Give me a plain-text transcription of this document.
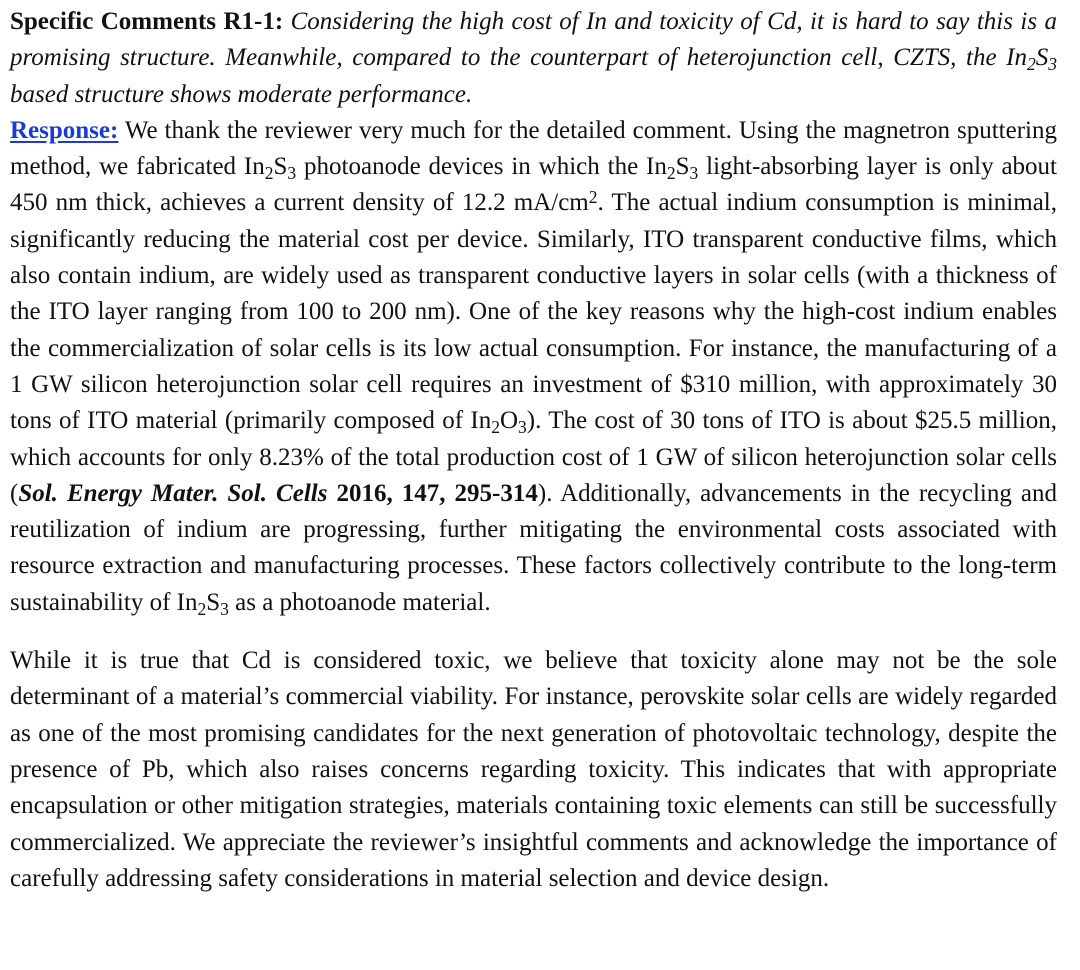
Specific Comments R1-1: Considering the high cost of In and toxicity of Cd, it is hard to say this is a promising structure. Meanwhile, compared to the counterpart of heterojunction cell, CZTS, the $In_2S_3$ based structure shows moderate performance.
Response: We thank the reviewer very much for the detailed comment. Using the magnetron sputtering method, we fabricated $In_2S_3$ photoanode devices in which the $In_2S_3$ light-absorbing layer is only about 450 nm thick, achieves a current density of 12.2 $mA/cm^2$. The actual indium consumption is minimal, significantly reducing the material cost per device. Similarly, ITO transparent conductive films, which also contain indium, are widely used as transparent conductive layers in solar cells (with a thickness of the ITO layer ranging from 100 to 200 nm). One of the key reasons why the high-cost indium enables the commercialization of solar cells is its low actual consumption. For instance, the manufacturing of a 1 GW silicon heterojunction solar cell requires an investment of $310 million, with approximately 30 tons of ITO material (primarily composed of $In_2O_3$). The cost of 30 tons of ITO is about $25.5 million, which accounts for only 8.23% of the total production cost of 1 GW of silicon heterojunction solar cells (Sol. Energy Mater. Sol. Cells 2016, 147, 295-314). Additionally, advancements in the recycling and reutilization of indium are progressing, further mitigating the environmental costs associated with resource extraction and manufacturing processes. These factors collectively contribute to the long-term sustainability of $In_2S_3$ as a photoanode material.

While it is true that Cd is considered toxic, we believe that toxicity alone may not be the sole determinant of a material’s commercial viability. For instance, perovskite solar cells are widely regarded as one of the most promising candidates for the next generation of photovoltaic technology, despite the presence of Pb, which also raises concerns regarding toxicity. This indicates that with appropriate encapsulation or other mitigation strategies, materials containing toxic elements can still be successfully commercialized. We appreciate the reviewer’s insightful comments and acknowledge the importance of carefully addressing safety considerations in material selection and device design.
